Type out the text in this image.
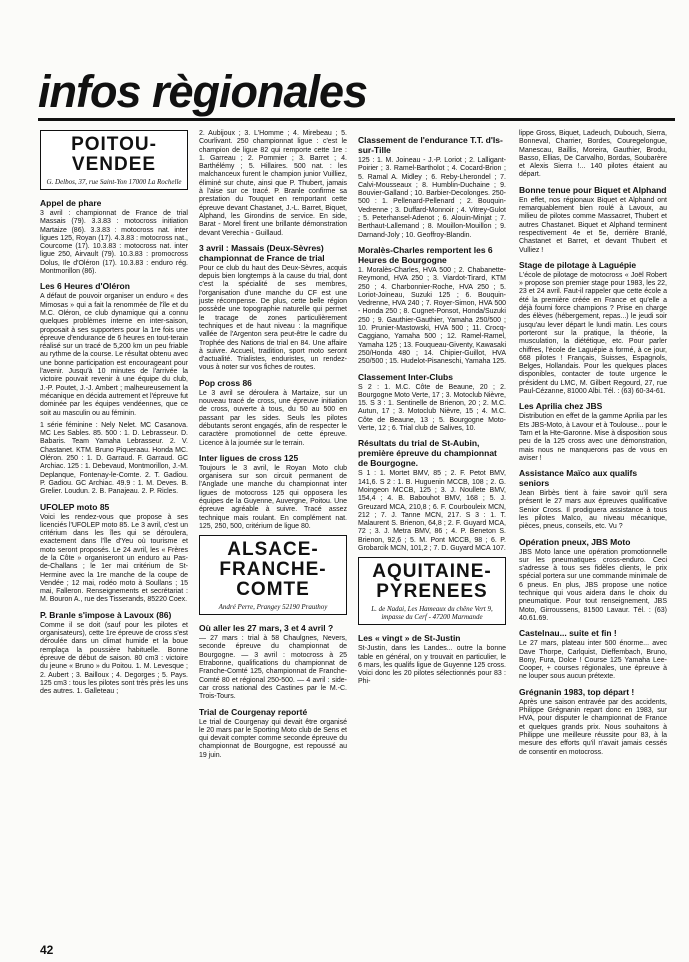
infos règionales
POITOU-
VENDEE
G. Delbos, 37, rue Saint-Yon 17000 La Rochelle
Appel de phare

3 avril : championnat de France de trial Massais (79). 3.3.83 : motocross initiation Martaize (86). 3.3.83 : motocross nat. inter ligues 125, Royan (17). 4.3.83 : motocross nat., Courcome (17). 10.3.83 : motocross nat. inter ligue 250, Airvault (79). 10.3.83 : promocross Dolus, Ile d'Oléron (17). 10.3.83 : enduro rég. Montmorillon (86).

Les 6 Heures d'Oléron

A défaut de pouvoir organiser un enduro « des Mimosas » qui a fait la renommée de l'île et du M.C. Oléron, ce club dynamique qui a connu quelques problèmes interne en inter-saison, proposait à ses supporters pour la 1re fois une épreuve d'endurance de 6 heures en tout-terain réalisé sur un tracé de 5,200 km un peu friable au rythme de la course. Le résultat obtenu avec une bonne participation est encourageant pour l'avenir. Jusqu'à 10 minutes de l'arrivée la victoire pouvait revenir à une équipe du club, J.-P. Poutet, J.-J. Ambert ; malheureusement la mécanique en décida autrement et l'épreuve fut dominée par les équipes vendéennes, que ce soit au masculin ou au féminin.

1 série féminine : Nely Nelet. MC Casanova. MC Les Sables. 85. 500 : 1. D. Lebrasseur. D. Babaris. Team Yamaha Lebrasseur. 2. V. Chastanet. KTM. Bruno Piqueraau. Honda MC. Oléron. 250 : 1. D. Garraud. F. Garraud. GC Archiac. 125 : 1. Debevaud, Montmorillon, J.-M. Deplanque, Fontenay-le-Comte. 2. T. Gadiou. P. Gadiou. GC Archiac. 49.9 : 1. M. Deves. B. Grelier. Loudun. 2. B. Panajeau. 2. P. Ricles.

UFOLEP moto 85

Voici les rendez-vous que propose à ses licenciés l'UFOLEP moto 85. Le 3 avril, c'est un critérium dans les îles qui se déroulera, exactement dans l'île d'Yeu où tourisme et moto seront proposés. Le 24 avril, les « Frères de la Côte » organiseront un enduro au Pas-de-Challans ; le 1er mai critérium de St-Hermine avec la 1re manche de la coupe de Vendée ; 12 mai, rodéo moto à Soullans ; 15 mai, Falleron. Renseignements et secrétariat : M. Bouron A., rue des Tisserands, 85220 Coex.

P. Branle s'impose à Lavoux (86)

Comme il se doit (sauf pour les pilotes et organisateurs), cette 1re épreuve de cross s'est déroulée dans un climat humide et la boue remplaça la poussière habituelle. Bonne épreuve de début de saison. 80 cm3 : victoire du jeune « Bruno » du Poitou. 1. M. Levesque ; 2. Aubert ; 3. Bailloux ; 4. Degorges ; 5. Pays. 125 cm3 : tous les pilotes sont très près les uns des autres. 1. Galleteau ;

2. Aubijoux ; 3. L'Homme ; 4. Mirebeau ; 5. Courlivant. 250 championnat ligue : c'est le champion de ligue 82 qui remporte cette 1re : 1. Garreau ; 2. Pommier ; 3. Barret ; 4. Barthélémy ; 5. Hillaires. 500 nat. : les malchanceux furent le champion junior Vuilliez, éliminé sur chute, ainsi que P. Thubert, jamais à l'aise sur ce tracé. P. Branle confirme sa prestation du Touquet en remportant cette épreuve devant Chastanet, J.-L. Barret, Biquet, Alphand, les Girondins de service. En side, Barat - Morel firent une brillante démonstration devant Verechia - Guillaud.

3 avril : Massais (Deux-Sèvres) championnat de France de trial

Pour ce club du haut des Deux-Sèvres, acquis depuis bien longtemps à la cause du trial, dont c'est la spécialité de ses membres, l'organisation d'une manche du CF est une juste récompense. De plus, cette belle région possède une topographie naturelle qui permet le tracage de zones particulièrement techniques et de haut niveau : la magnifique vallée de l'Argenton sera peut-être le cadre du Trophée des Nations de trial en 84. Une affaire à suivre. Accueil, tradition, sport moto seront d'actualité. Trialistes, enduristes, un rendez-vous à noter sur vos fiches de routes.

Pop cross 86

Le 3 avril se déroulera à Martaize, sur un nouveau tracé de cross, une épreuve initiation de cross, ouverte à tous, du 50 au 500 en passant par les sides. Seuls les pilotes débutants seront engagés, afin de respecter le caractère promotionnel de cette épreuve. Licence à la journée sur le terrain.

Inter ligues de cross 125

Toujours le 3 avril, le Royan Moto club organisera sur son circuit permanent de l'Anglade une manche du championnat inter ligues de motocross 125 qui opposera les équipes de la Guyenne, Auvergne, Poitou. Une épreuve agréable à suivre. Tracé assez technique mais roulant. En complément nat. 125, 250, 500, critérium de ligue 80.

ALSACE-
FRANCHE-
COMTE
André Perre, Prangey 52190 Prauthoy
Où aller les 27 mars, 3 et 4 avril ?

— 27 mars : trial à 58 Chaulgnes, Nevers, seconde épreuve du championnat de Bourgogne. — 3 avril : motocross à 25 Etrabonne, qualifications du championnat de Franche-Comté 125, championnat de Franche-Comté 80 et régional 250-500. — 4 avril : side-car cross national des Castines par le M.-C. Trois-Tours.

Trial de Courgenay reporté

Le trial de Courgenay qui devait être organisé le 20 mars par le Sporting Moto club de Sens et qui devait compter comme seconde épreuve du championnat de Bourgogne, est repoussé au 19 juin.

Classement de l'endurance T.T. d'Is-sur-Tille

125 : 1. M. Joineau - J.-P. Loriot ; 2. Lalligant-Poirier ; 3. Ramel-Bartholot ; 4. Cocard-Brion ; 5. Ramal A. Midley ; 6. Reby-Lherondel ; 7. Calvi-Mousseaux ; 8. Humblin-Duchaine ; 9. Bouvier-Galland ; 10. Barbier-Decolonges. 250-500 : 1. Pellenard-Pellenard ; 2. Bouquin-Vedrenne ; 3. Duffard-Monnoir ; 4. Vitrey-Gulot ; 5. Peterhansel-Adenot ; 6. Alouin-Minjat ; 7. Berthaut-Lallemand ; 8. Mouillon-Mouillon ; 9. Darnand-Joly ; 10. Geoffroy-Blandin.

Moralès-Charles remportent les 6 Heures de Bourgogne

1. Moralès-Charles, HVA 500 ; 2. Chabanette-Reymond, HVA 250 ; 3. Viardot-Tirard, KTM 250 ; 4. Charbonnier-Roche, HVA 250 ; 5. Loriot-Joineau, Suzuki 125 ; 6. Bouquin-Vedrenne, HVA 240 ; 7. Royer-Simon, HVA 500 - Honda 250 ; 8. Cugnet-Ponsot, Honda/Suzuki 250 ; 9. Gauthier-Gauthier, Yamaha 250/500 ; 10. Prunier-Mastowski, HVA 500 ; 11. Crocq-Caggiano, Yamaha 500 ; 12. Ramel-Ramel, Yamaha 125 ; 13. Fouqueau-Giventy, Kawasaki 250/Honda 480 ; 14. Chipier-Guillot, HVA 250/500 ; 15. Hudelot-Pisaneschi, Yamaha 125.

Classement Inter-Clubs

S 2 : 1. M.C. Côte de Beaune, 20 ; 2. Bourgogne Moto Verte, 17 ; 3. Motoclub Nièvre, 15. S 3 : 1. Sentinelle de Brienon, 20 ; 2. M.C. Autun, 17 ; 3. Motoclub Nièvre, 15 ; 4. M.C. Côte de Beaune, 13 ; 5. Bourgogne Moto-Verte, 12 ; 6. Trial club de Salives, 10.

Résultats du trial de St-Aubin, première épreuve du championnat de Bourgogne.

S 1 : 1. Mortet BMV, 85 ; 2. F. Petot BMV, 141,6. S 2 : 1. B. Huguenin MCCB, 108 ; 2. G. Moingeon MCCB, 125 ; 3. J. Noullete BMV, 154,4 ; 4. B. Babouhot BMV, 168 ; 5. J. Greuzard MCA, 210,8 ; 6. F. Courbouleix MCN, 212 ; 7. J. Tanne MCN, 217. S 3 : 1. T. Malaurent S. Brienon, 64,8 ; 2. F. Guyard MCA, 72 ; 3. J. Metra BMV, 86 ; 4. P. Beneton S. Brienon, 92,6 ; 5. M. Pont MCCB, 98 ; 6. P. Grobarcik MCN, 101,2 ; 7. D. Guyard MCA 107.

AQUITAINE-
PYRENEES
L. de Nadai, Les Hameaux du chêne Vert 9, impasse du Cerf - 47200 Marmande
Les « vingt » de St-Justin

St-Justin, dans les Landes... outre la bonne table en général, on y trouvait en particulier, le 6 mars, les qualifs ligue de Guyenne 125 cross. Voici donc les 20 pilotes sélectionnés pour 83 : Phi-

lippe Gross, Biquet, Ladeuch, Dubouch, Sierra, Bonneval, Charrier, Bordes, Couregelongue, Manescau, Baillis, Moreira, Gauthier, Brodu, Basso, Ellias, De Carvalho, Bordas, Soubarère et Alexis Sierra !... 140 pilotes étaient au départ.

Bonne tenue pour Biquet et Alphand

En effet, nos régionaux Biquet et Alphand ont remarquablement bien roulé à Lavoux, au milieu de pilotes comme Massacret, Thubert et autres Chastanet. Biquet et Alphand terminent respectivement 4e et 5e, derrière Branlé, Chastanet et Barret, et devant Thubert et Vulliez !

Stage de pilotage à Laguépie

L'école de pilotage de motocross « Joël Robert » propose son premier stage pour 1983, les 22, 23 et 24 avril. Faut-il rappeler que cette école a été la première créée en France et qu'elle a déjà fourni force champions ? Prise en charge des élèves (hébergement, repas...) le jeudi soir jusqu'au lever départ le lundi matin. Les cours porteront sur la pratique, la théorie, la musculation, la diététique, etc. Pour parler chiffres, l'école de Laguépie a formé, à ce jour, 668 pilotes ! Français, Suisses, Espagnols, Belges, Hollandais. Pour les quelques places disponibles, contacter de toute urgence le président du LMC, M. Gilbert Regourd, 27, rue Paul-Cézanne, 81000 Albi. Tél. : (63) 60-34-61.

Les Aprilia chez JBS

Distribution en effet de la gamme Aprilia par les Ets JBS-Moto, à Lavour et à Toulouse... pour le Tarn et la Hte-Garonne. Mise à disposition sous peu de la 125 cross avec une démonstration, mais nous ne manquerons pas de vous en aviser !

Assistance Maïco aux qualifs seniors

Jean Birbès tient à faire savoir qu'il sera présent le 27 mars aux épreuves qualificative Senior Cross. Il prodiguera assistance à tous les pilotes Maïco, au niveau mécanique, pièces, pneus, conseils, etc. Vu ?

Opération pneux, JBS Moto

JBS Moto lance une opération promotionnelle sur les pneumatiques cross-enduro. Ceci s'adresse à tous ses fidèles clients, le prix spécial portera sur une commande minimale de 6 pneus. En plus, JBS propose une notice technique qui vous aidera dans le choix du pneumatique. Pour tout renseignement, JBS Moto, Girroussens, 81500 Lavaur. Tél. : (63) 40.61.69.

Castelnau... suite et fin !

Le 27 mars, plateau inter 500 énorme... avec Dave Thorpe, Carlquist, Dieffembach, Bruno, Bony, Fura, Dolce ! Course 125 Yamaha Lee-Cooper, + courses régionales, une épreuve à ne louper sous aucun prétexte.

Grégnanin 1983, top départ !

Après une saison entravée par des accidents, Philippe Grégnanin repart donc en 1983, sur HVA, pour disputer le championnat de France et quelques grands prix. Nous souhaitons à Philippe une meilleure réussite pour 83, à la mesure des efforts qu'il n'avait jamais cessés de consentir en motocross.

42
